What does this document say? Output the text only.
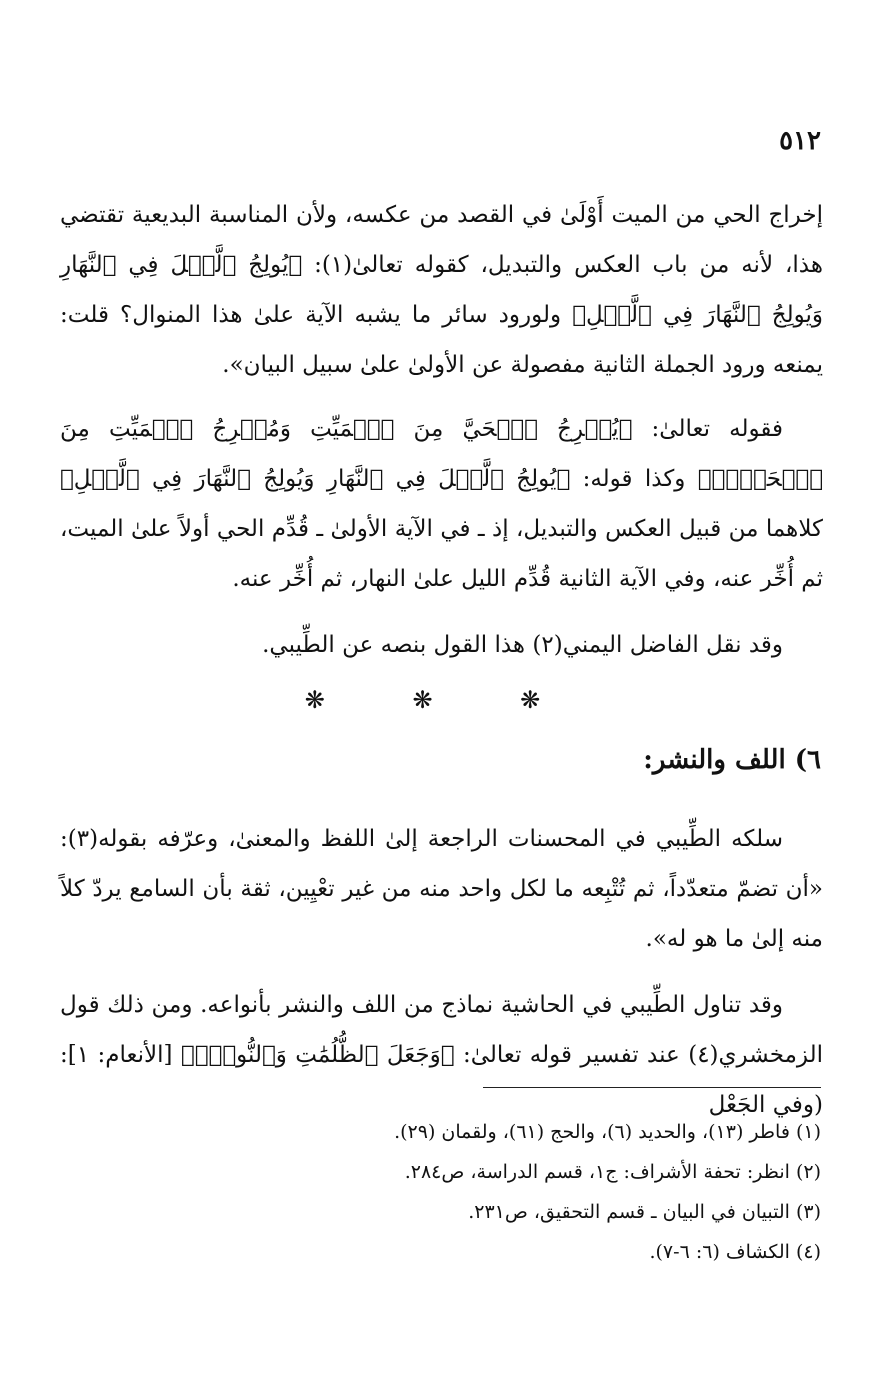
٥١٢

إخراج الحي من الميت أَوْلَىٰ في القصد من عكسه، ولأن المناسبة البديعية تقتضي هذا، لأنه من باب العكس والتبديل، كقوله تعالىٰ(١): ﴿يُولِجُ ٱلَّيۡلَ فِي ٱلنَّهَارِ وَيُولِجُ ٱلنَّهَارَ فِي ٱلَّيۡلِ﴾ ولورود سائر ما يشبه الآية علىٰ هذا المنوال؟ قلت: يمنعه ورود الجملة الثانية مفصولة عن الأولىٰ علىٰ سبيل البيان».

فقوله تعالىٰ: ﴿يُخۡرِجُ ٱلۡحَيَّ مِنَ ٱلۡمَيِّتِ وَمُخۡرِجُ ٱلۡمَيِّتِ مِنَ ٱلۡحَيِّۚ﴾ وكذا قوله: ﴿يُولِجُ ٱلَّيۡلَ فِي ٱلنَّهَارِ وَيُولِجُ ٱلنَّهَارَ فِي ٱلَّيۡلِ﴾ كلاهما من قبيل العكس والتبديل، إذ ـ في الآية الأولىٰ ـ قُدِّم الحي أولاً علىٰ الميت، ثم أُخِّر عنه، وفي الآية الثانية قُدِّم الليل علىٰ النهار، ثم أُخِّر عنه.

وقد نقل الفاضل اليمني(٢) هذا القول بنصه عن الطِّيبي.

❋ ❋ ❋
٦) اللف والنشر:

سلكه الطِّيبي في المحسنات الراجعة إلىٰ اللفظ والمعنىٰ، وعرّفه بقوله(٣): «أن تضمّ متعدّداً، ثم تُتْبِعه ما لكل واحد منه من غير تعْيِين، ثقة بأن السامع يردّ كلاً منه إلىٰ ما هو له».

وقد تناول الطِّيبي في الحاشية نماذج من اللف والنشر بأنواعه. ومن ذلك قول الزمخشري(٤) عند تفسير قوله تعالىٰ: ﴿وَجَعَلَ ٱلظُّلُمَٰتِ وَٱلنُّورَۖ﴾ [الأنعام: ١]: (وفي الجَعْل

(١) فاطر (١٣)، والحديد (٦)، والحج (٦١)، ولقمان (٢٩).
(٢) انظر: تحفة الأشراف: ج١، قسم الدراسة، ص٢٨٤.
(٣) التبيان في البيان ـ قسم التحقيق، ص٢٣١.
(٤) الكشاف (٦: ٦-٧).
